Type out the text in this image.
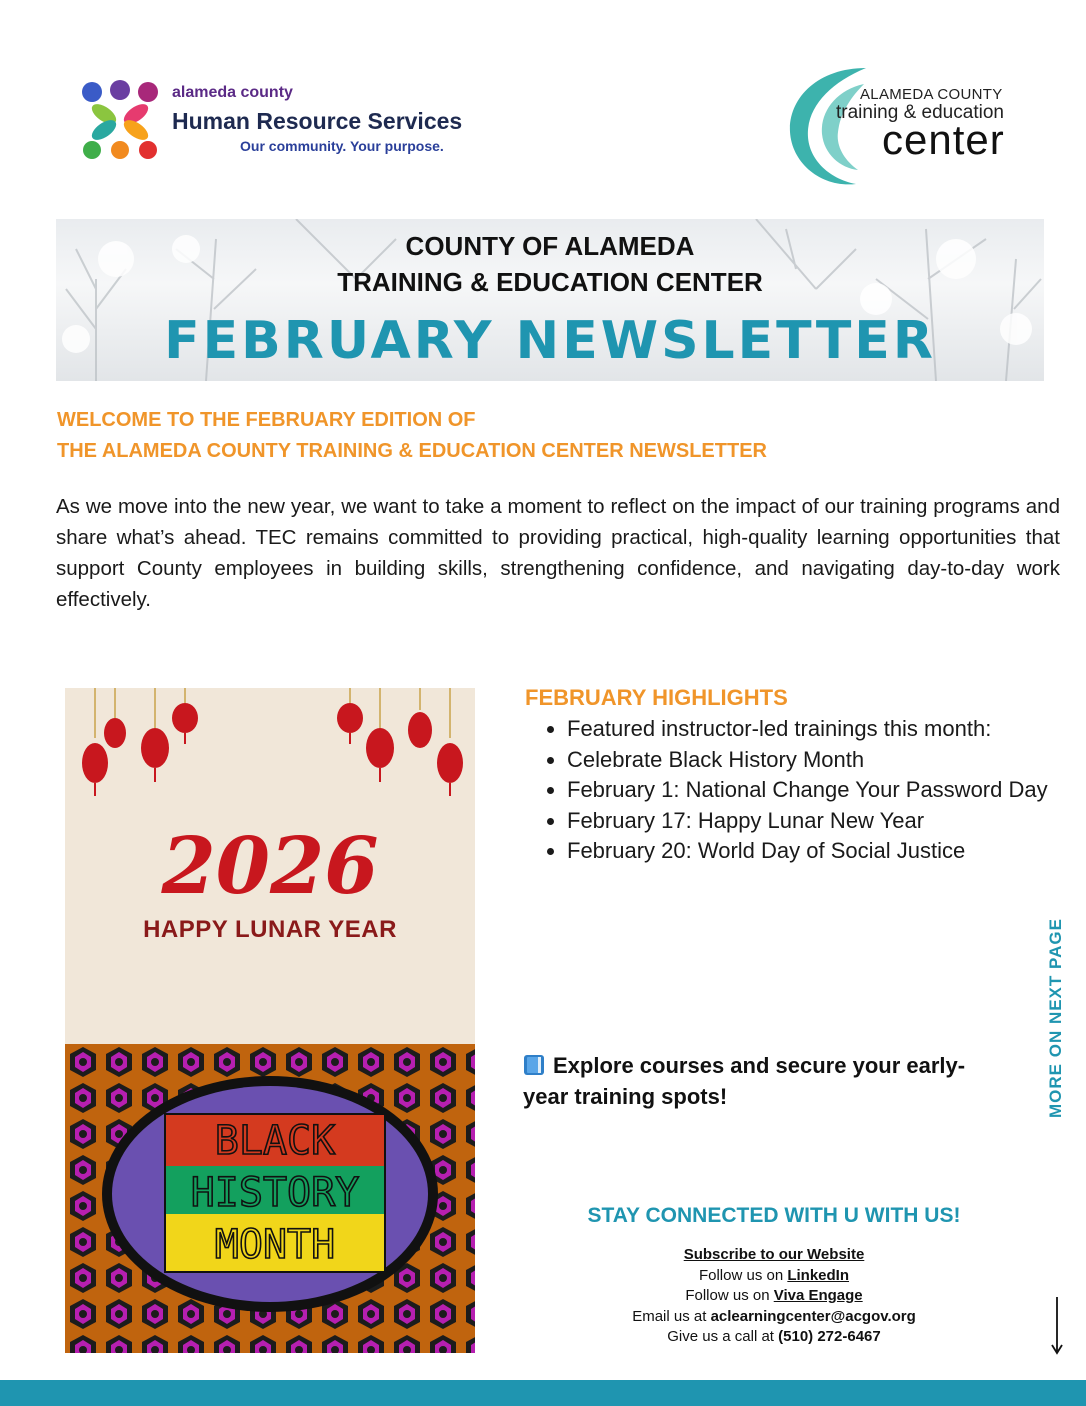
alameda county
Human Resource Services
Our community. Your purpose.
ALAMEDA COUNTY
training & education
center
COUNTY OF ALAMEDA
TRAINING & EDUCATION CENTER
FEBRUARY NEWSLETTER
WELCOME TO THE FEBRUARY EDITION OF
THE ALAMEDA COUNTY TRAINING & EDUCATION CENTER NEWSLETTER
As we move into the new year, we want to take a moment to reflect on the impact of our training programs and share what’s ahead. TEC remains committed to providing practical, high-quality learning opportunities that support County employees in building skills, strengthening confidence, and navigating day-to-day work effectively.
2026
HAPPY LUNAR YEAR
BLACK
HISTORY
MONTH
FEBRUARY HIGHLIGHTS
• Featured instructor-led trainings this month:
• Celebrate Black History Month
• February 1: National Change Your Password Day
• February 17: Happy Lunar New Year
• February 20: World Day of Social Justice
Explore courses and secure your early-year training spots!
STAY CONNECTED WITH U WITH US!
Subscribe to our Website
Follow us on LinkedIn
Follow us on Viva Engage
Email us at aclearningcenter@acgov.org
Give us a call at (510) 272-6467
MORE ON NEXT PAGE
